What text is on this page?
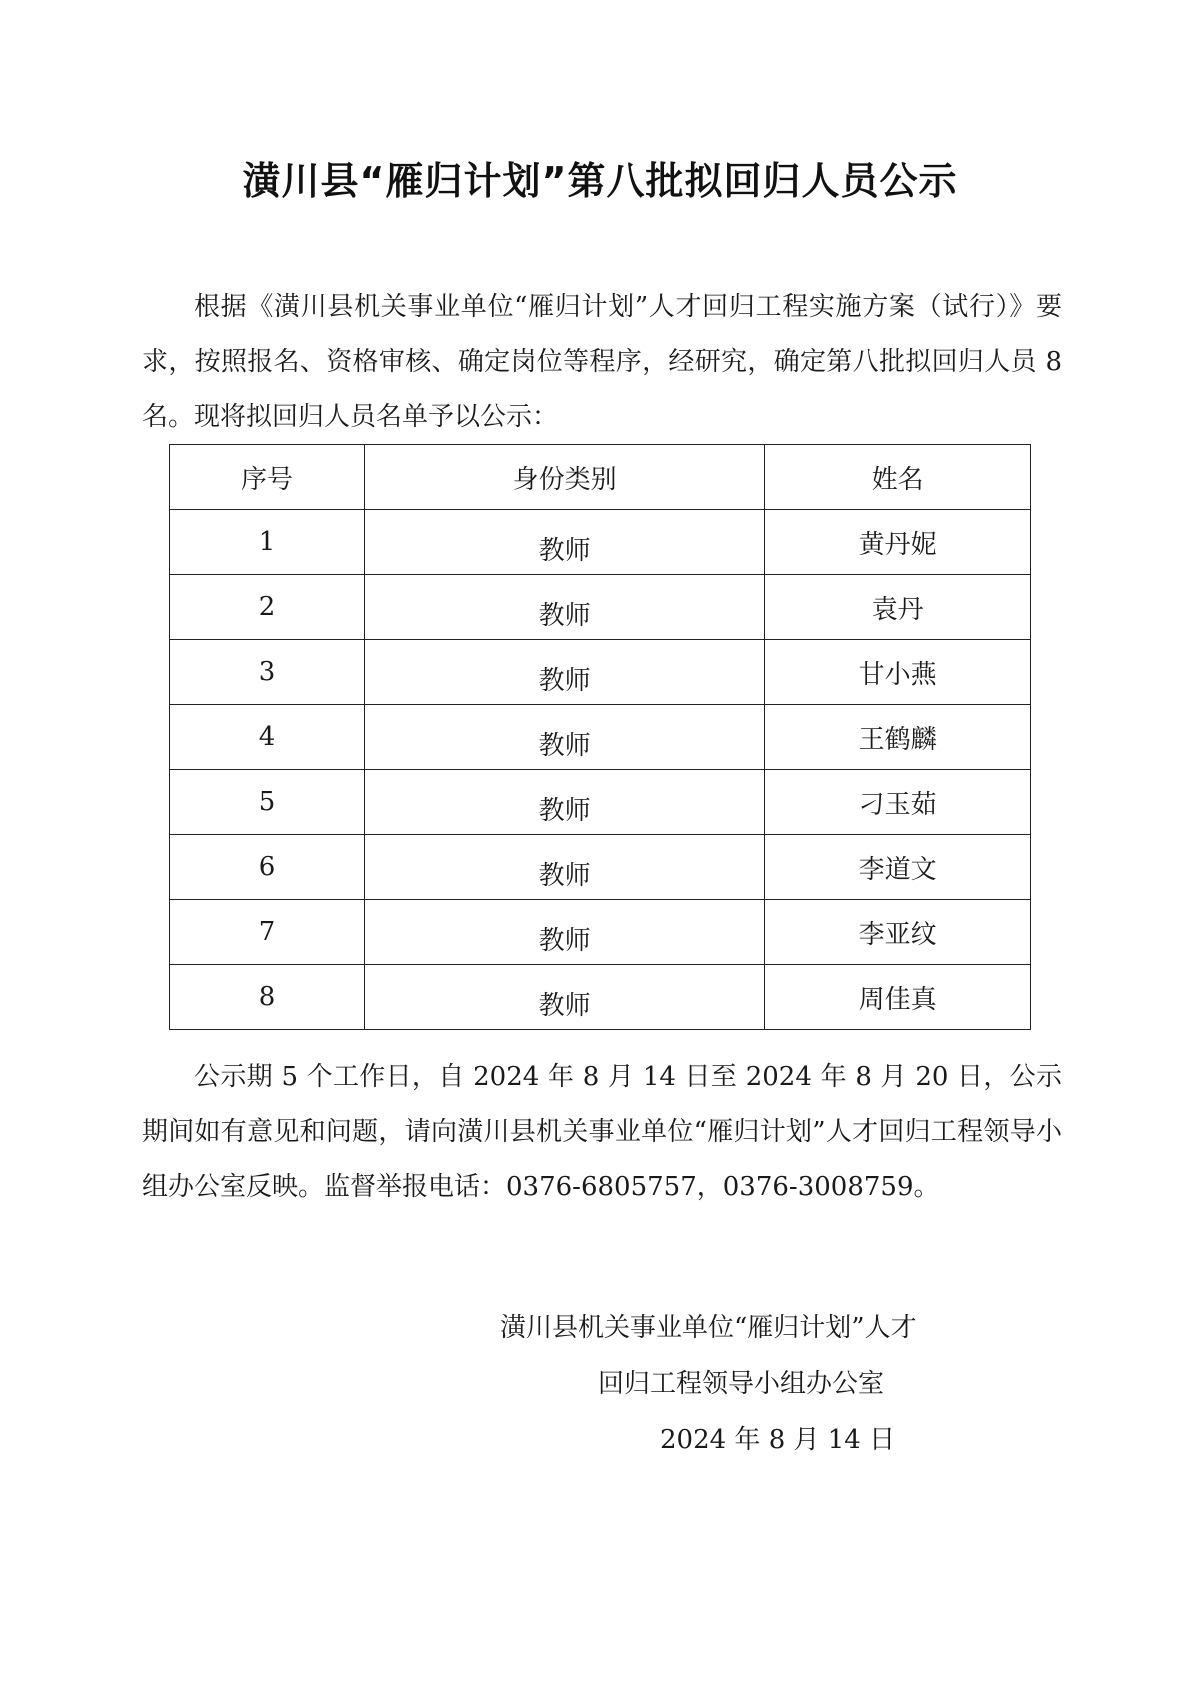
潢川县“雁归计划”第八批拟回归人员公示

根据《潢川县机关事业单位“雁归计划”人才回归工程实施方案（试行）》要求，按照报名、资格审核、确定岗位等程序，经研究，确定第八批拟回归人员 8 名。现将拟回归人员名单予以公示：

序号	身份类别	姓名
1	教师	黄丹妮
2	教师	袁丹
3	教师	甘小燕
4	教师	王鹤麟
5	教师	刁玉茹
6	教师	李道文
7	教师	李亚纹
8	教师	周佳真

公示期 5 个工作日，自 2024 年 8 月 14 日至 2024 年 8 月 20 日，公示期间如有意见和问题，请向潢川县机关事业单位“雁归计划”人才回归工程领导小组办公室反映。监督举报电话：0376-6805757，0376-3008759。

潢川县机关事业单位“雁归计划”人才
回归工程领导小组办公室
2024 年 8 月 14 日
